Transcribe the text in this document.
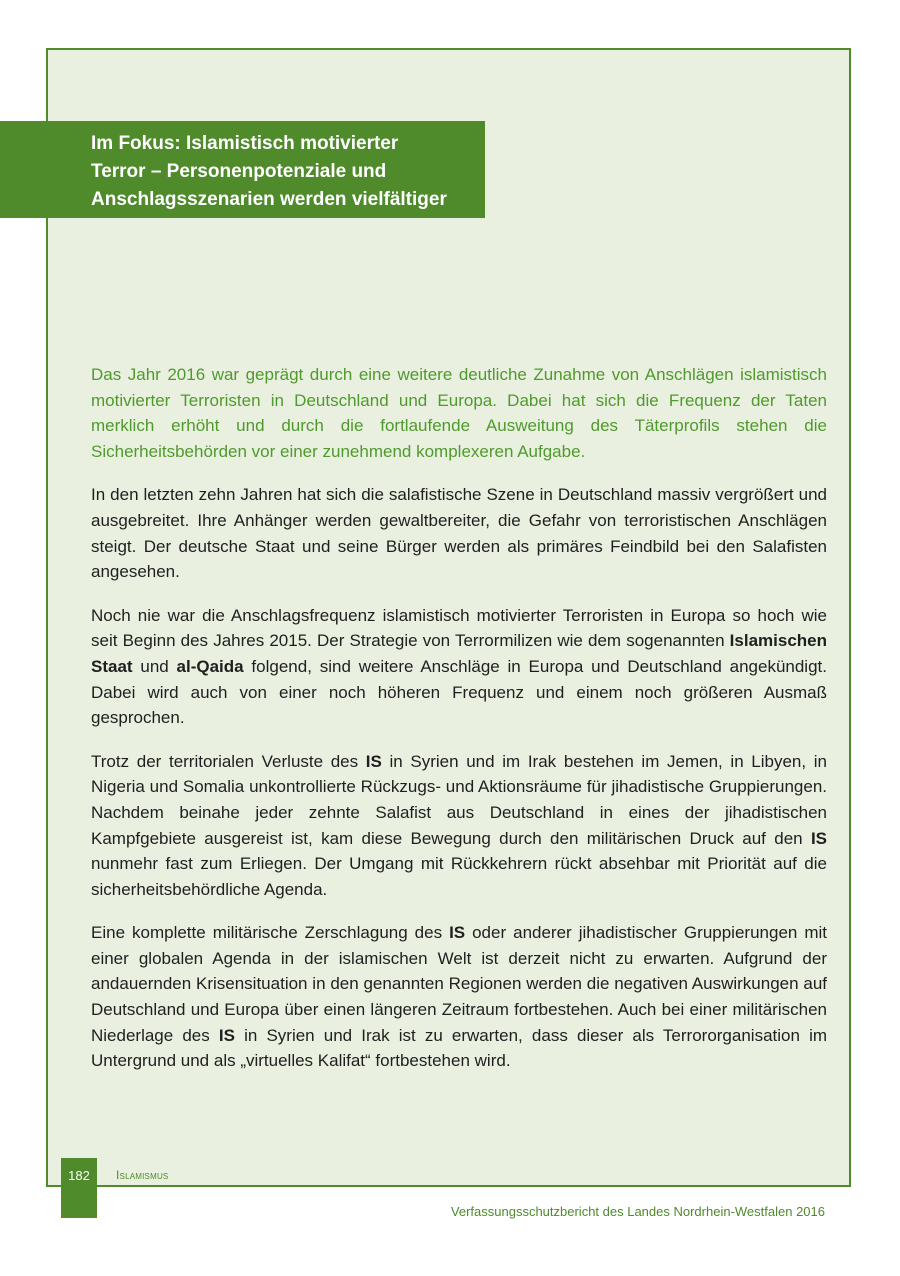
Im Fokus: Islamistisch motivierter
Terror – Personenpotenziale und
Anschlagsszenarien werden vielfältiger

Das Jahr 2016 war geprägt durch eine weitere deutliche Zunahme von Anschlägen islamistisch motivierter Terroristen in Deutschland und Europa. Dabei hat sich die Frequenz der Taten merklich erhöht und durch die fortlaufende Ausweitung des Täterprofils stehen die Sicherheitsbehörden vor einer zunehmend komplexeren Aufgabe.

In den letzten zehn Jahren hat sich die salafistische Szene in Deutschland massiv vergrößert und ausgebreitet. Ihre Anhänger werden gewaltbereiter, die Gefahr von terroristischen Anschlägen steigt. Der deutsche Staat und seine Bürger werden als primäres Feindbild bei den Salafisten angesehen.

Noch nie war die Anschlagsfrequenz islamistisch motivierter Terroristen in Europa so hoch wie seit Beginn des Jahres 2015. Der Strategie von Terrormilizen wie dem sogenannten Islamischen Staat und al-Qaida folgend, sind weitere Anschläge in Europa und Deutschland angekündigt. Dabei wird auch von einer noch höheren Frequenz und einem noch größeren Ausmaß gesprochen.

Trotz der territorialen Verluste des IS in Syrien und im Irak bestehen im Jemen, in Libyen, in Nigeria und Somalia unkontrollierte Rückzugs- und Aktionsräume für jihadistische Gruppierungen. Nachdem beinahe jeder zehnte Salafist aus Deutschland in eines der jihadistischen Kampfgebiete ausgereist ist, kam diese Bewegung durch den militärischen Druck auf den IS nunmehr fast zum Erliegen. Der Umgang mit Rückkehrern rückt absehbar mit Priorität auf die sicherheitsbehördliche Agenda.

Eine komplette militärische Zerschlagung des IS oder anderer jihadistischer Gruppierungen mit einer globalen Agenda in der islamischen Welt ist derzeit nicht zu erwarten. Aufgrund der andauernden Krisensituation in den genannten Regionen werden die negativen Auswirkungen auf Deutschland und Europa über einen längeren Zeitraum fortbestehen. Auch bei einer militärischen Niederlage des IS in Syrien und Irak ist zu erwarten, dass dieser als Terrororganisation im Untergrund und als „virtuelles Kalifat“ fortbestehen wird.

182	Islamismus
Verfassungsschutzbericht des Landes Nordrhein-Westfalen 2016
